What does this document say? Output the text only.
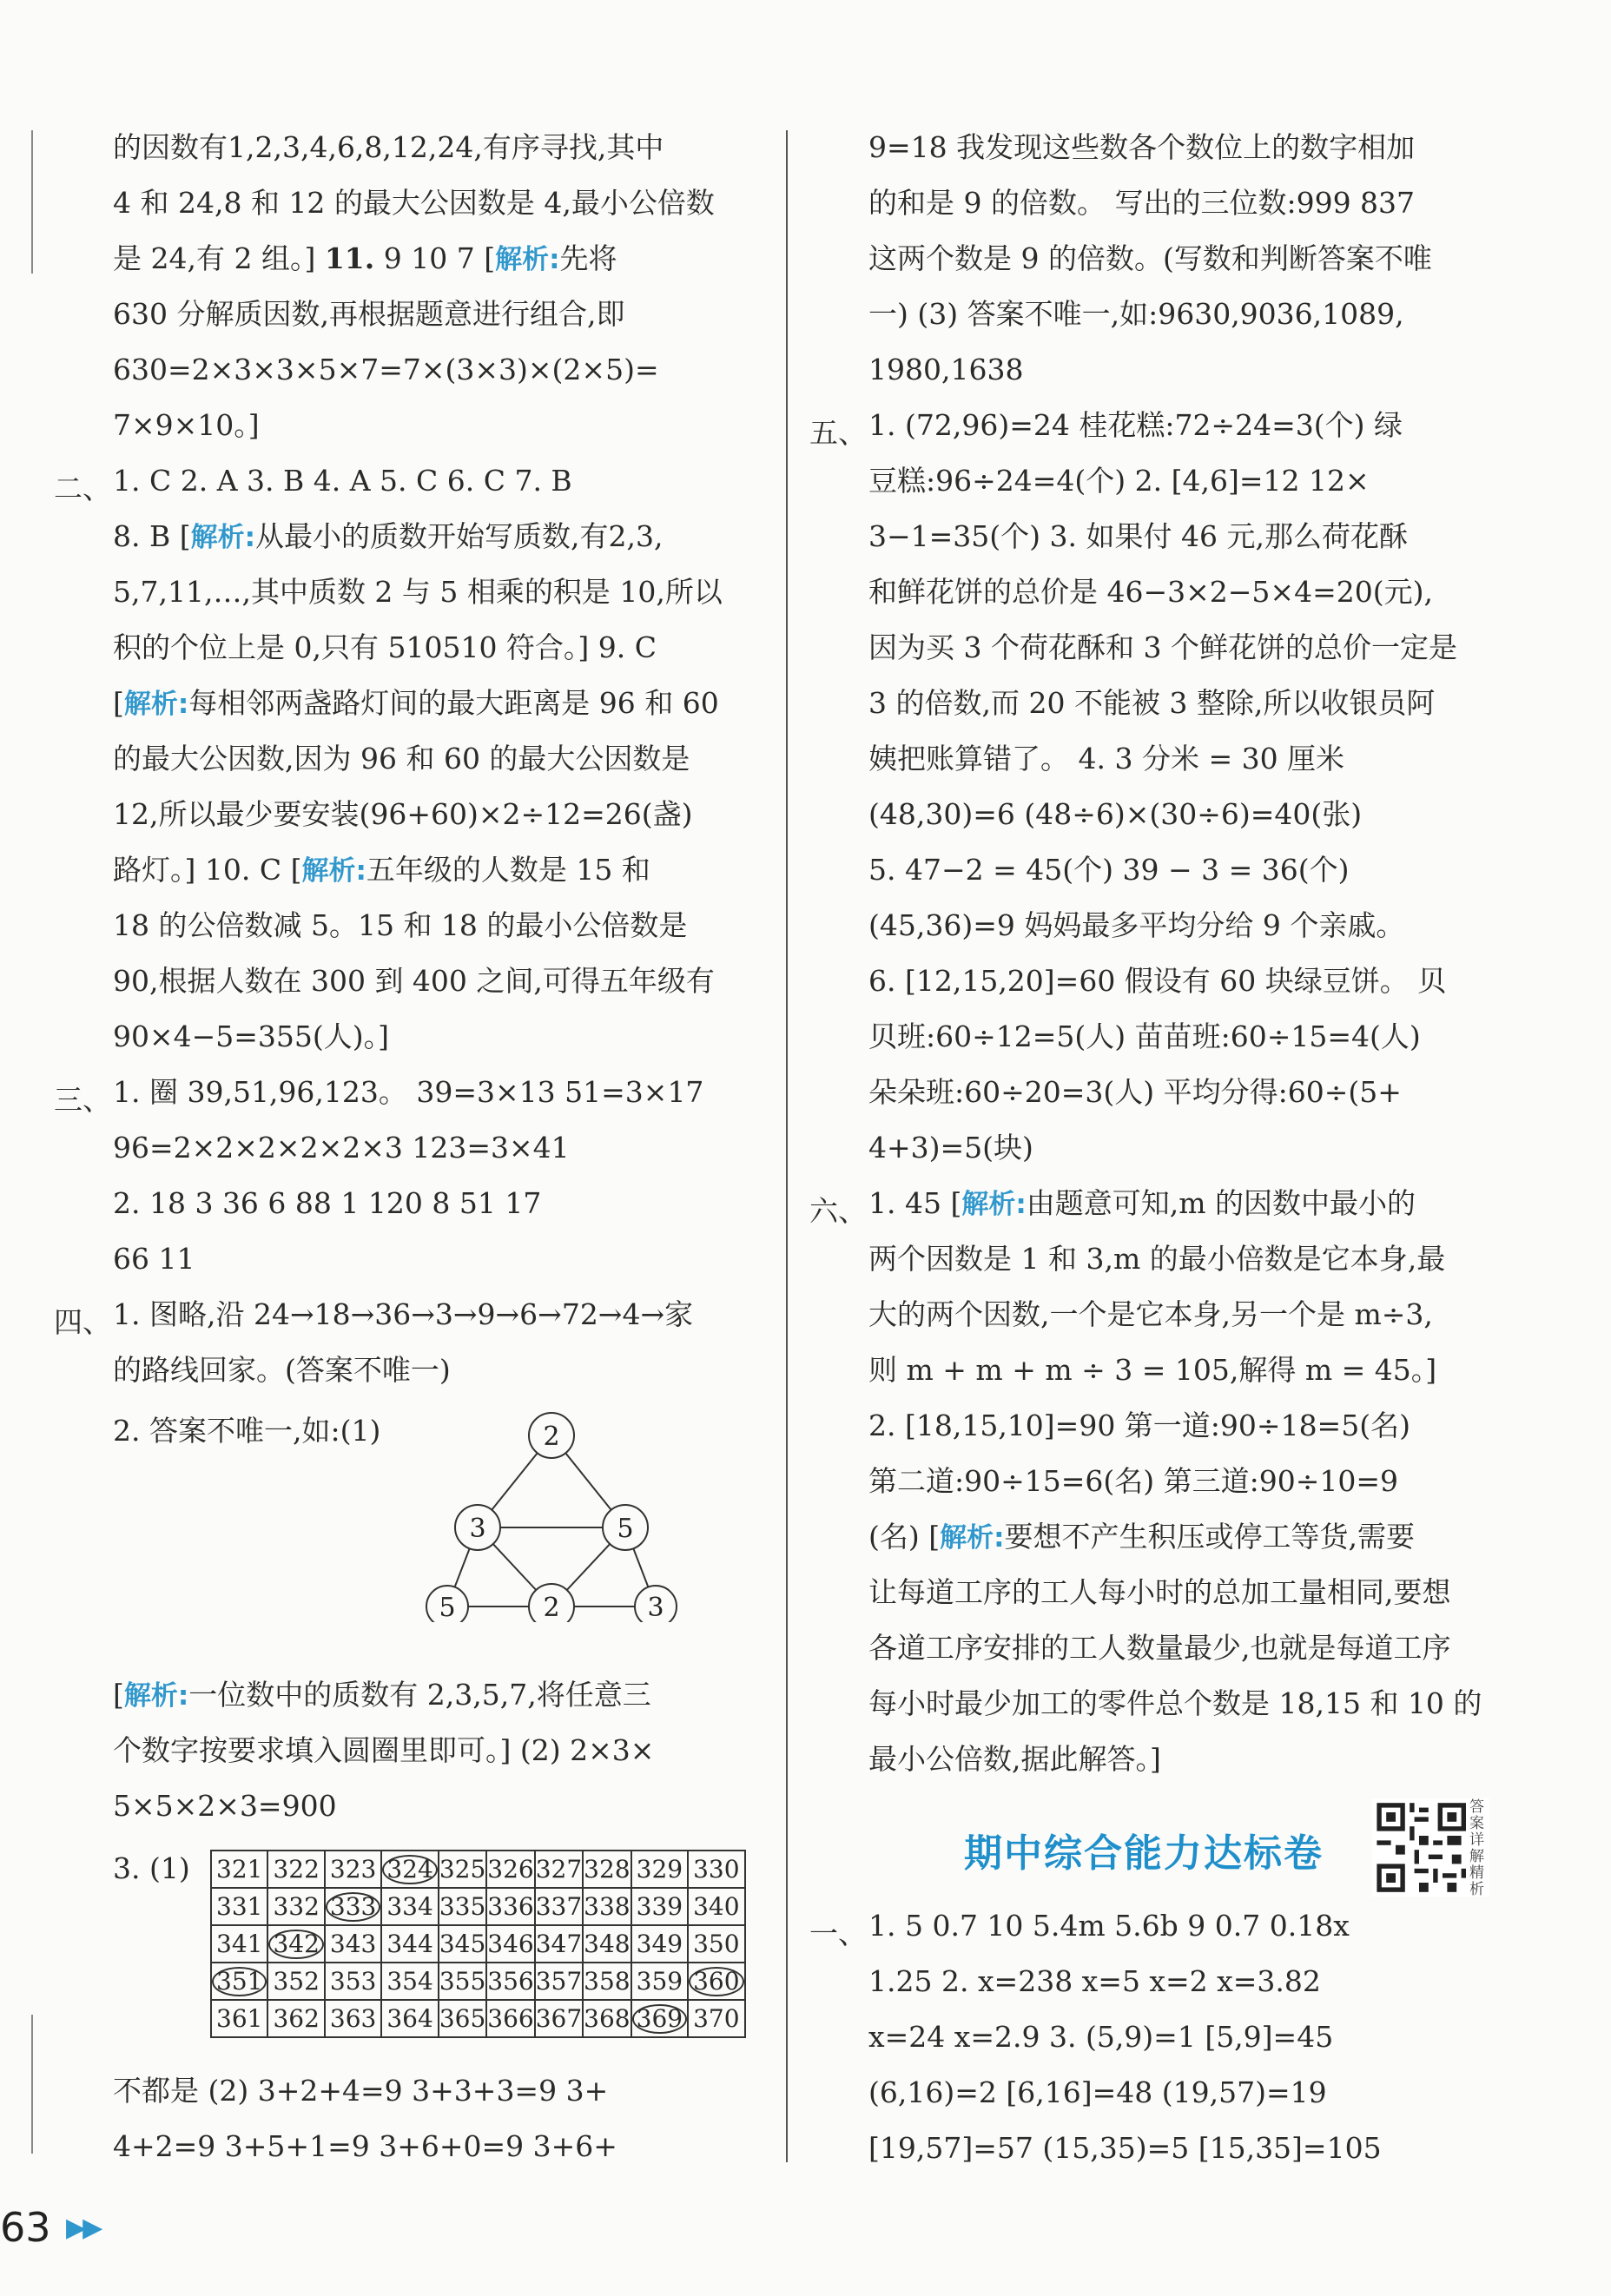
的因数有1,2,3,4,6,8,12,24,有序寻找,其中
4 和 24,8 和 12 的最大公因数是 4,最小公倍数
是 24,有 2 组。] 11. 9 10 7 [解析:先将
630 分解质因数,再根据题意进行组合,即
630=2×3×3×5×7=7×(3×3)×(2×5)=
7×9×10。]
二、 1. C 2. A 3. B 4. A 5. C 6. C 7. B
8. B [解析:从最小的质数开始写质数,有2,3,
5,7,11,…,其中质数 2 与 5 相乘的积是 10,所以
积的个位上是 0,只有 510510 符合。] 9. C
[解析:每相邻两盏路灯间的最大距离是 96 和 60
的最大公因数,因为 96 和 60 的最大公因数是
12,所以最少要安装(96+60)×2÷12=26(盏)
路灯。] 10. C [解析:五年级的人数是 15 和
18 的公倍数减 5。15 和 18 的最小公倍数是
90,根据人数在 300 到 400 之间,可得五年级有
90×4−5=355(人)。]
三、 1. 圈 39,51,96,123。 39=3×13 51=3×17
96=2×2×2×2×2×3 123=3×41
2. 18 3 36 6 88 1 120 8 51 17
66 11
四、 1. 图略,沿 24→18→36→3→9→6→72→4→家
的路线回家。(答案不唯一)
2. 答案不唯一,如:(1)	2
3	5
5	2	3
[解析:一位数中的质数有 2,3,5,7,将任意三
个数字按要求填入圆圈里即可。] (2) 2×3×
5×5×2×3=900
3. (1) 321	322	323	324	325	326	327	328	329	330
331	332	333	334	335	336	337	338	339	340
341	342	343	344	345	346	347	348	349	350
351	352	353	354	355	356	357	358	359	360
361	362	363	364	365	366	367	368	369	370
不都是 (2) 3+2+4=9 3+3+3=9 3+
4+2=9 3+5+1=9 3+6+0=9 3+6+
9=18 我发现这些数各个数位上的数字相加
的和是 9 的倍数。 写出的三位数:999 837
这两个数是 9 的倍数。(写数和判断答案不唯
一) (3) 答案不唯一,如:9630,9036,1089,
1980,1638
五、 1. (72,96)=24 桂花糕:72÷24=3(个) 绿
豆糕:96÷24=4(个) 2. [4,6]=12 12×
3−1=35(个) 3. 如果付 46 元,那么荷花酥
和鲜花饼的总价是 46−3×2−5×4=20(元),
因为买 3 个荷花酥和 3 个鲜花饼的总价一定是
3 的倍数,而 20 不能被 3 整除,所以收银员阿
姨把账算错了。 4. 3 分米 = 30 厘米
(48,30)=6 (48÷6)×(30÷6)=40(张)
5. 47−2 = 45(个) 39 − 3 = 36(个)
(45,36)=9 妈妈最多平均分给 9 个亲戚。
6. [12,15,20]=60 假设有 60 块绿豆饼。 贝
贝班:60÷12=5(人) 苗苗班:60÷15=4(人)
朵朵班:60÷20=3(人) 平均分得:60÷(5+
4+3)=5(块)
六、 1. 45 [解析:由题意可知,m 的因数中最小的
两个因数是 1 和 3,m 的最小倍数是它本身,最
大的两个因数,一个是它本身,另一个是 m÷3,
则 m + m + m ÷ 3 = 105,解得 m = 45。]
2. [18,15,10]=90 第一道:90÷18=5(名)
第二道:90÷15=6(名) 第三道:90÷10=9
(名) [解析:要想不产生积压或停工等货,需要
让每道工序的工人每小时的总加工量相同,要想
各道工序安排的工人数量最少,也就是每道工序
每小时最少加工的零件总个数是 18,15 和 10 的
最小公倍数,据此解答。]
一、 1. 5 0.7 10 5.4m 5.6b 9 0.7 0.18x
1.25 2. x=238 x=5 x=2 x=3.82
x=24 x=2.9 3. (5,9)=1 [5,9]=45
(6,16)=2 [6,16]=48 (19,57)=19
[19,57]=57 (15,35)=5 [15,35]=105
期中综合能力达标卷
答案详解精析
63 ▶▶
